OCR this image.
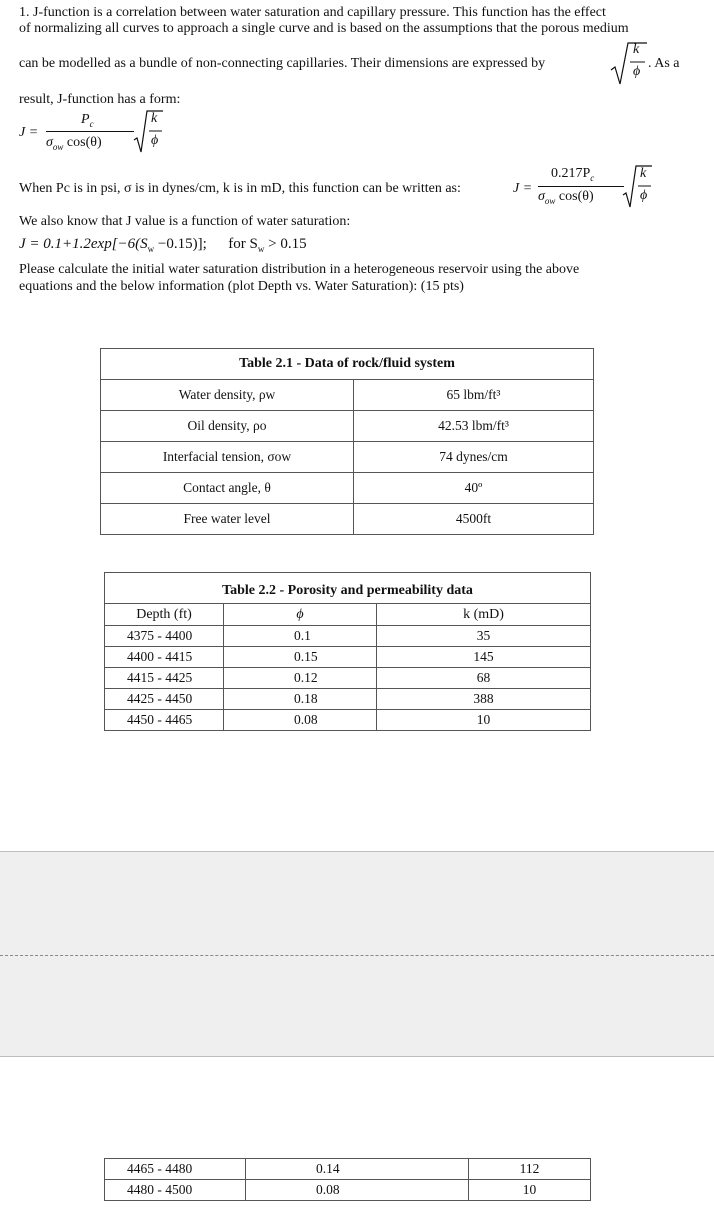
1. J-function is a correlation between water saturation and capillary pressure. This function has the effect
of normalizing all curves to approach a single curve and is based on the assumptions that the porous medium
can be modelled as a bundle of non-connecting capillaries. Their dimensions are expressed by
k
ϕ
. As a
result, J-function has a form:
J =
$P_c$
$\sigma_{ow}$ cos(θ)
k
ϕ
When Pc is in psi, σ is in dynes/cm, k is in mD, this function can be written as:	J =
$0.217P_c$
$\sigma_{ow}$ cos(θ)
k
ϕ
We also know that J value is a function of water saturation:
$J = 0.1+1.2\exp[-6(S_w -0.15)]$; for $S_w > 0.15$
Please calculate the initial water saturation distribution in a heterogeneous reservoir using the above
equations and the below information (plot Depth vs. Water Saturation): (15 pts)
Table 2.1 - Data of rock/fluid system	
Water density, ρw	65 lbm/ft³
Oil density, ρo	42.53 lbm/ft³
Interfacial tension, σow	74 dynes/cm
Contact angle, θ	40º
Free water level	4500ft
Table 2.2 - Porosity and permeability data		
Depth (ft)	ϕ	k (mD)
4375 - 4400	0.1	35
4400 - 4415	0.15	145
4415 - 4425	0.12	68
4425 - 4450	0.18	388
4450 - 4465	0.08	10
4465 - 4480	0.14	112
4480 - 4500	0.08	10
